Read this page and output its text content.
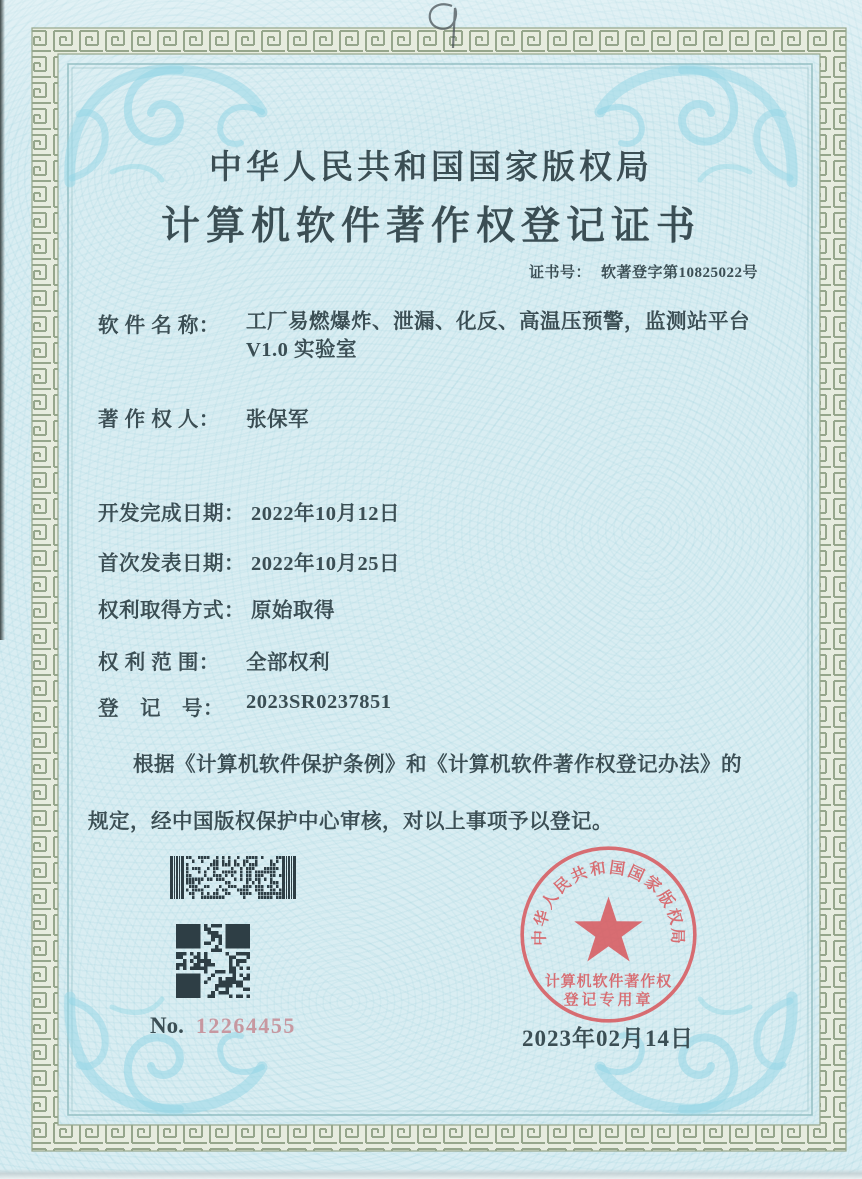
中华人民共和国国家版权局
计算机软件著作权登记证书
证书号： 软著登字第10825022号
软 件 名 称： 工厂易燃爆炸、泄漏、化反、高温压预警，监测站平台
V1.0 实验室
著 作 权 人： 张保军
开发完成日期： 2022年10月12日
首次发表日期： 2022年10月25日
权利取得方式： 原始取得
权 利 范 围： 全部权利
登　记　号： 2023SR0237851
根据《计算机软件保护条例》和《计算机软件著作权登记办法》的
规定，经中国版权保护中心审核，对以上事项予以登记。
No. 12264455
中华人民共和国国家版权局
计算机软件著作权
登记专用章
2023年02月14日
